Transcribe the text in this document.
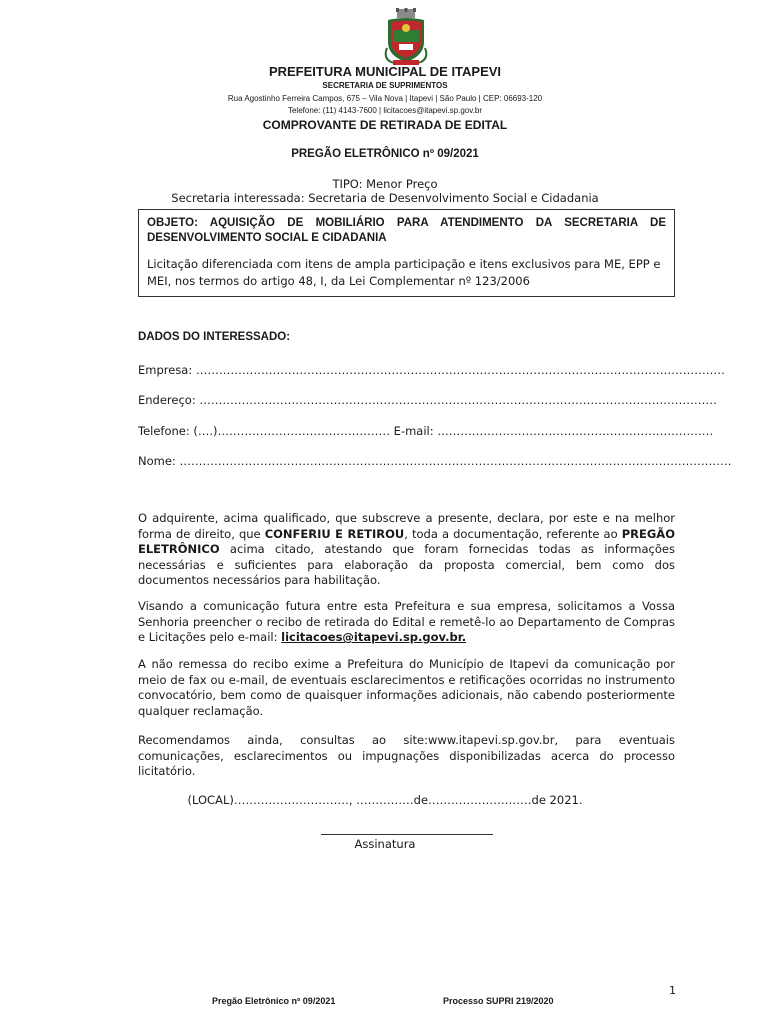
PREFEITURA MUNICIPAL DE ITAPEVI
SECRETARIA DE SUPRIMENTOS
Rua Agostinho Ferreira Campos, 675 – Vila Nova | Itapevi | São Paulo | CEP: 06693-120
Telefone: (11) 4143-7600 | licitacoes@itapevi.sp.gov.br
COMPROVANTE DE RETIRADA DE EDITAL
PREGÃO ELETRÔNICO nº 09/2021
TIPO: Menor Preço
Secretaria interessada: Secretaria de Desenvolvimento Social e Cidadania
OBJETO: AQUISIÇÃO DE MOBILIÁRIO PARA ATENDIMENTO DA SECRETARIA DE DESENVOLVIMENTO SOCIAL E CIDADANIA
Licitação diferenciada com itens de ampla participação e itens exclusivos para ME, EPP e MEI, nos termos do artigo 48, I, da Lei Complementar nº 123/2006
DADOS DO INTERESSADO:
Empresa: …………………………………………………………………………………………………………………………
Endereço: ………………………………………………………………………………………………………………………
Telefone: (….)……………………………………… E-mail: ………………………………………………………………
Nome: ………………………………………………………………………………………………………………………………
O adquirente, acima qualificado, que subscreve a presente, declara, por este e na melhor forma de direito, que CONFERIU E RETIROU, toda a documentação, referente ao PREGÃO ELETRÔNICO acima citado, atestando que foram fornecidas todas as informações necessárias e suficientes para elaboração da proposta comercial, bem como dos documentos necessários para habilitação.
Visando a comunicação futura entre esta Prefeitura e sua empresa, solicitamos a Vossa Senhoria preencher o recibo de retirada do Edital e remetê-lo ao Departamento de Compras e Licitações pelo e-mail: licitacoes@itapevi.sp.gov.br.
A não remessa do recibo exime a Prefeitura do Município de Itapevi da comunicação por meio de fax ou e-mail, de eventuais esclarecimentos e retificações ocorridas no instrumento convocatório, bem como de quaisquer informações adicionais, não cabendo posteriormente qualquer reclamação.
Recomendamos ainda, consultas ao site:www.itapevi.sp.gov.br, para eventuais comunicações, esclarecimentos ou impugnações disponibilizadas acerca do processo licitatório.
(LOCAL)…………………………, ……………de………………………de 2021.
Assinatura
1
Pregão Eletrônico nº 09/2021	Processo SUPRI 219/2020
